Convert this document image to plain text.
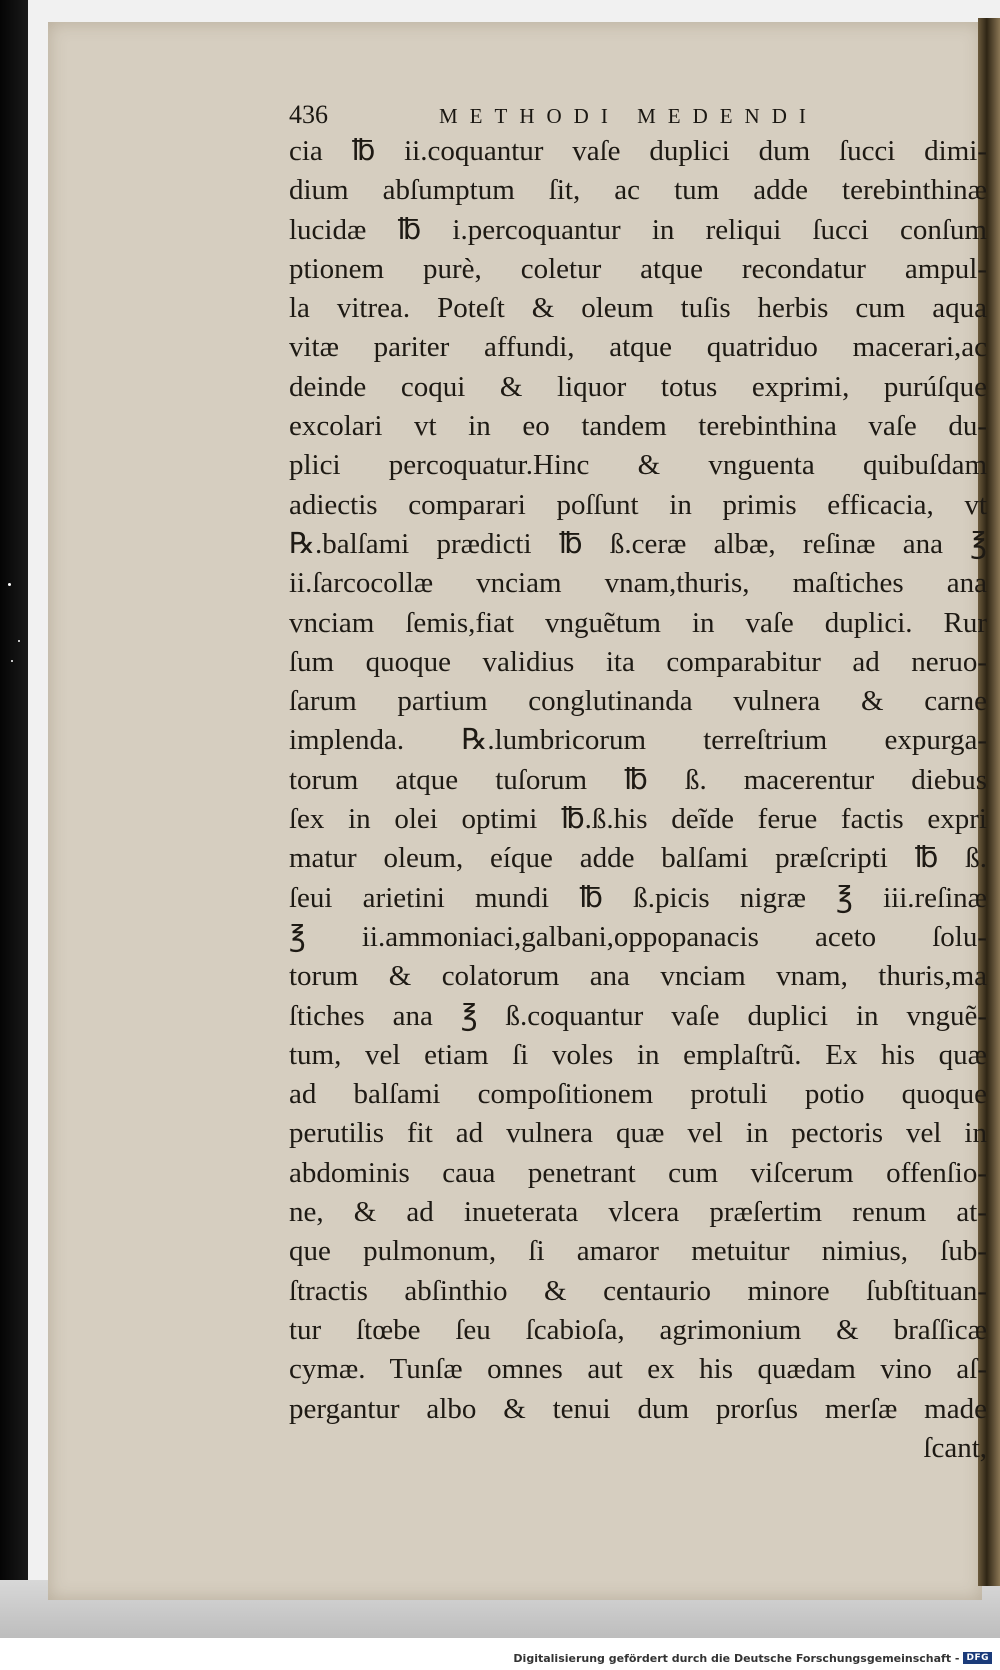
436	METHODI MEDENDI
cia ℔ ii.coquantur vaſe duplici dum ſucci dimi-
dium abſumptum ſit, ac tum adde terebinthinæ
lucidæ ℔ i.percoquantur in reliqui ſucci conſum
ptionem purè, coletur atque recondatur ampul-
la vitrea. Poteſt & oleum tuſis herbis cum aqua
vitæ pariter affundi, atque quatriduo macerari,ac
deinde coqui & liquor totus exprimi, purúſque
excolari vt in eo tandem terebinthina vaſe du-
plici percoquatur.Hinc & vnguenta quibuſdam
adiectis comparari poſſunt in primis efficacia, vt
℞.balſami prædicti ℔ ß.ceræ albæ, reſinæ ana ℥
ii.ſarcocollæ vnciam vnam,thuris, maſtiches ana
vnciam ſemis,fiat vnguẽtum in vaſe duplici. Rur
ſum quoque validius ita comparabitur ad neruo-
ſarum partium conglutinanda vulnera & carne
implenda. ℞.lumbricorum terreſtrium expurga-
torum atque tuſorum ℔ ß. macerentur diebus
ſex in olei optimi ℔.ß.his deĩde ferue factis expri
matur oleum, eíque adde balſami præſcripti ℔ ß.
ſeui arietini mundi ℔ ß.picis nigræ ℥ iii.reſinæ
℥ ii.ammoniaci,galbani,oppopanacis aceto ſolu-
torum & colatorum ana vnciam vnam, thuris,ma
ſtiches ana ℥ ß.coquantur vaſe duplici in vnguẽ-
tum, vel etiam ſi voles in emplaſtrũ. Ex his quæ
ad balſami compoſitionem protuli potio quoque
perutilis fit ad vulnera quæ vel in pectoris vel in
abdominis caua penetrant cum viſcerum offenſio-
ne, & ad inueterata vlcera præſertim renum at-
que pulmonum, ſi amaror metuitur nimius, ſub-
ſtractis abſinthio & centaurio minore ſubſtituan-
tur ſtœbe ſeu ſcabioſa, agrimonium & braſſicæ
cymæ. Tunſæ omnes aut ex his quædam vino aſ-
pergantur albo & tenui dum prorſus merſæ made
ſcant,
Digitalisierung gefördert durch die Deutsche Forschungsgemeinschaft - DFG
